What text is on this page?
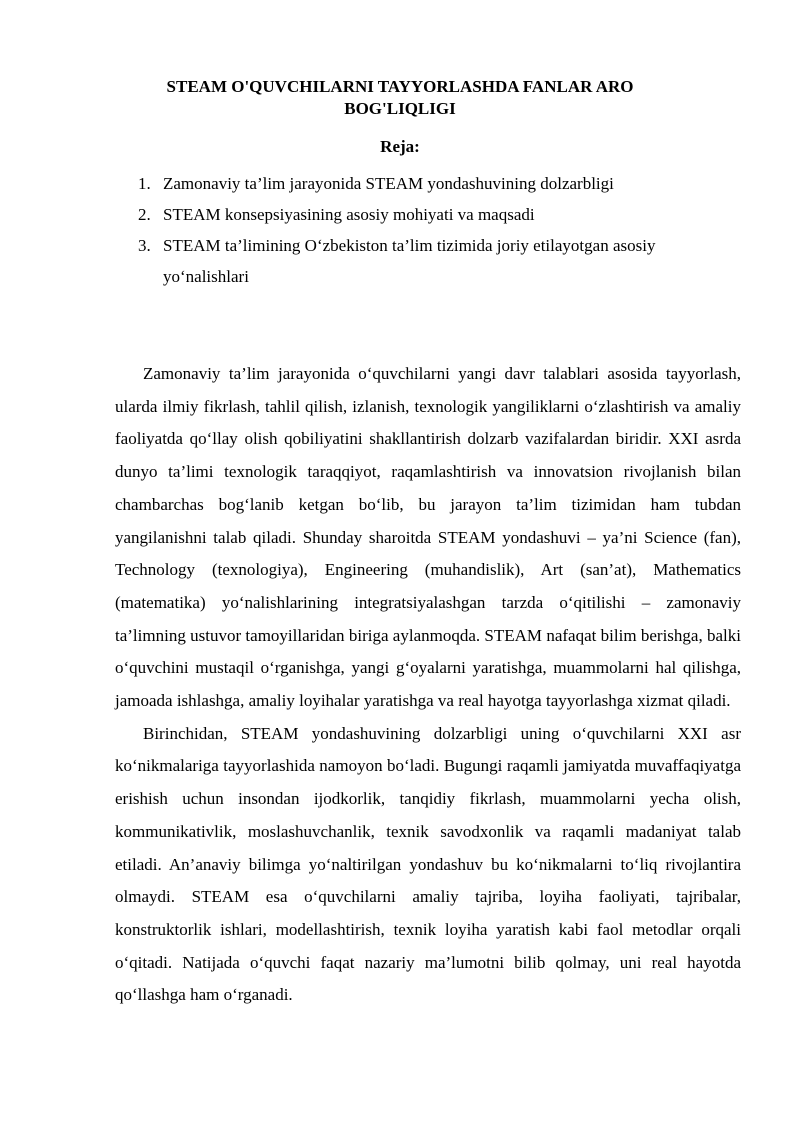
STEAM O'QUVCHILARNI TAYYORLASHDA FANLAR ARO BOG'LIQLIGI
Reja:
1. Zamonaviy ta’lim jarayonida STEAM yondashuvining dolzarbligi
2. STEAM konsepsiyasining asosiy mohiyati va maqsadi
3. STEAM ta’limining O‘zbekiston ta’lim tizimida joriy etilayotgan asosiy yo‘nalishlari

Zamonaviy ta’lim jarayonida o‘quvchilarni yangi davr talablari asosida tayyorlash, ularda ilmiy fikrlash, tahlil qilish, izlanish, texnologik yangiliklarni o‘zlashtirish va amaliy faoliyatda qo‘llay olish qobiliyatini shakllantirish dolzarb vazifalardan biridir. XXI asrda dunyo ta’limi texnologik taraqqiyot, raqamlashtirish va innovatsion rivojlanish bilan chambarchas bog‘lanib ketgan bo‘lib, bu jarayon ta’lim tizimidan ham tubdan yangilanishni talab qiladi. Shunday sharoitda STEAM yondashuvi – ya’ni Science (fan), Technology (texnologiya), Engineering (muhandislik), Art (san’at), Mathematics (matematika) yo‘nalishlarining integratsiyalashgan tarzda o‘qitilishi – zamonaviy ta’limning ustuvor tamoyillaridan biriga aylanmoqda. STEAM nafaqat bilim berishga, balki o‘quvchini mustaqil o‘rganishga, yangi g‘oyalarni yaratishga, muammolarni hal qilishga, jamoada ishlashga, amaliy loyihalar yaratishga va real hayotga tayyorlashga xizmat qiladi.

Birinchidan, STEAM yondashuvining dolzarbligi uning o‘quvchilarni XXI asr ko‘nikmalariga tayyorlashida namoyon bo‘ladi. Bugungi raqamli jamiyatda muvaffaqiyatga erishish uchun insondan ijodkorlik, tanqidiy fikrlash, muammolarni yecha olish, kommunikativlik, moslashuvchanlik, texnik savodxonlik va raqamli madaniyat talab etiladi. An’anaviy bilimga yo‘naltirilgan yondashuv bu ko‘nikmalarni to‘liq rivojlantira olmaydi. STEAM esa o‘quvchilarni amaliy tajriba, loyiha faoliyati, tajribalar, konstruktorlik ishlari, modellashtirish, texnik loyiha yaratish kabi faol metodlar orqali o‘qitadi. Natijada o‘quvchi faqat nazariy ma’lumotni bilib qolmay, uni real hayotda qo‘llashga ham o‘rganadi.
